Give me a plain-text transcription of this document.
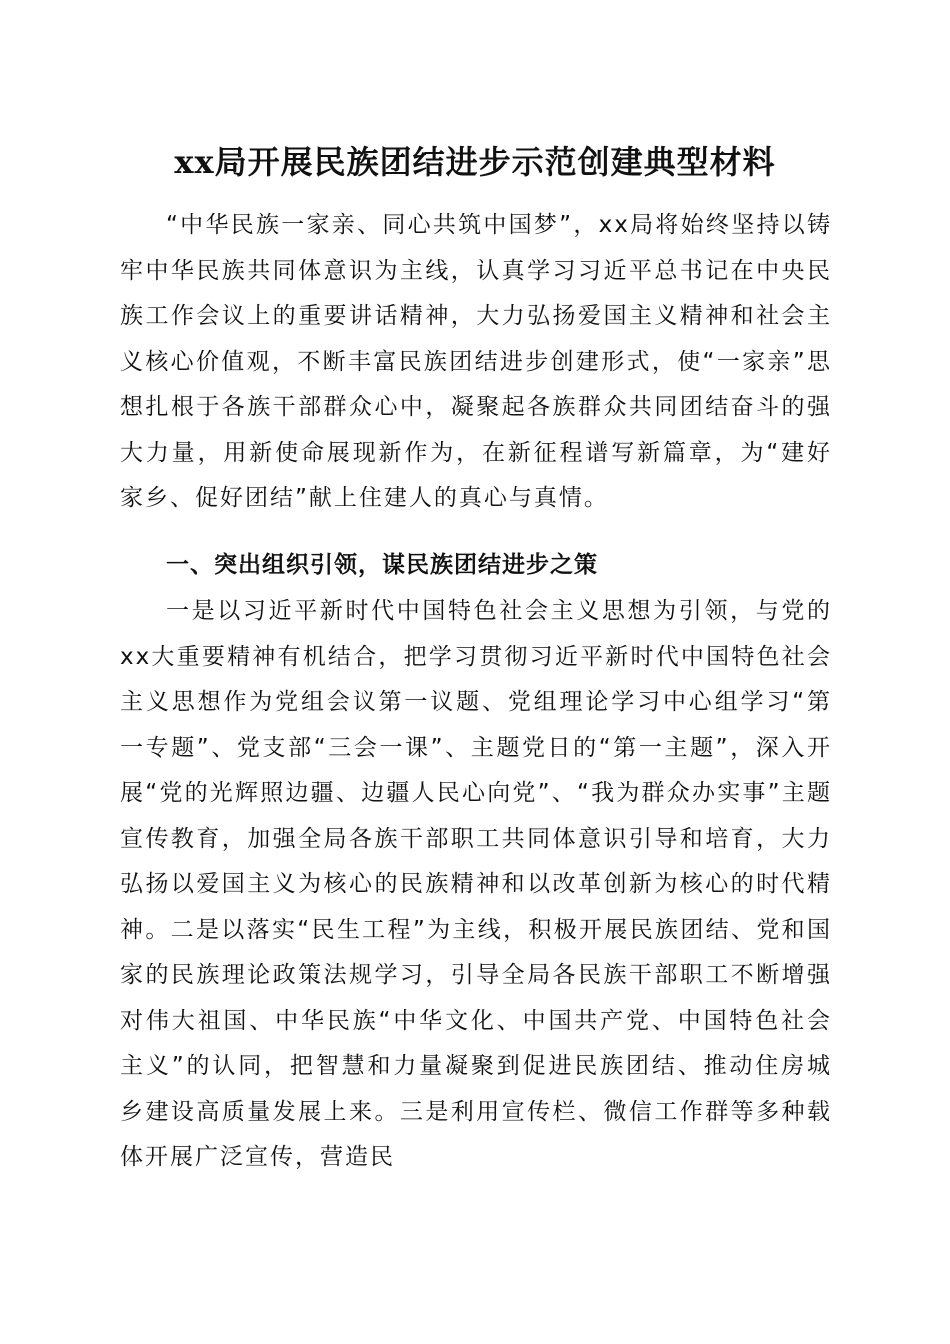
xx局开展民族团结进步示范创建典型材料

“中华民族一家亲、同心共筑中国梦”，xx局将始终坚持以铸牢中华民族共同体意识为主线，认真学习习近平总书记在中央民族工作会议上的重要讲话精神，大力弘扬爱国主义精神和社会主义核心价值观，不断丰富民族团结进步创建形式，使“一家亲”思想扎根于各族干部群众心中，凝聚起各族群众共同团结奋斗的强大力量，用新使命展现新作为，在新征程谱写新篇章，为“建好家乡、促好团结”献上住建人的真心与真情。

一、突出组织引领，谋民族团结进步之策

一是以习近平新时代中国特色社会主义思想为引领，与党的xx大重要精神有机结合，把学习贯彻习近平新时代中国特色社会主义思想作为党组会议第一议题、党组理论学习中心组学习“第一专题”、党支部“三会一课”、主题党日的“第一主题”，深入开展“党的光辉照边疆、边疆人民心向党”、“我为群众办实事”主题宣传教育，加强全局各族干部职工共同体意识引导和培育，大力弘扬以爱国主义为核心的民族精神和以改革创新为核心的时代精神。二是以落实“民生工程”为主线，积极开展民族团结、党和国家的民族理论政策法规学习，引导全局各民族干部职工不断增强对伟大祖国、中华民族“中华文化、中国共产党、中国特色社会主义”的认同，把智慧和力量凝聚到促进民族团结、推动住房城乡建设高质量发展上来。三是利用宣传栏、微信工作群等多种载体开展广泛宣传，营造民
